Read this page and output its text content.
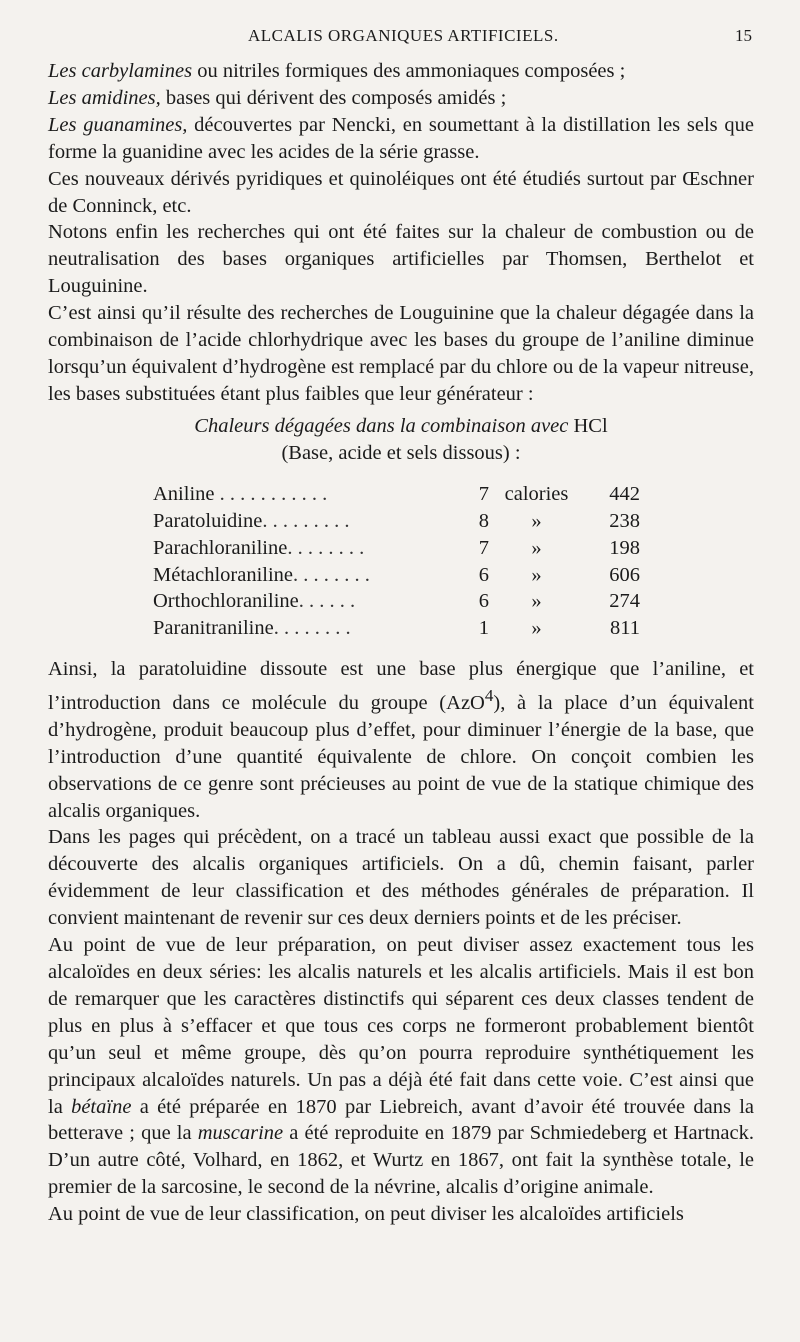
ALCALIS ORGANIQUES ARTIFICIELS.	15

Les carbylamines ou nitriles formiques des ammoniaques composées ;

Les amidines, bases qui dérivent des composés amidés ;

Les guanamines, découvertes par Nencki, en soumettant à la distillation les sels que forme la guanidine avec les acides de la série grasse.

Ces nouveaux dérivés pyridiques et quinoléiques ont été étudiés surtout par Œschner de Conninck, etc.

Notons enfin les recherches qui ont été faites sur la chaleur de combustion ou de neutralisation des bases organiques artificielles par Thomsen, Berthelot et Louguinine.

C’est ainsi qu’il résulte des recherches de Louguinine que la chaleur dégagée dans la combinaison de l’acide chlorhydrique avec les bases du groupe de l’aniline diminue lorsqu’un équivalent d’hydrogène est remplacé par du chlore ou de la vapeur nitreuse, les bases substituées étant plus faibles que leur générateur :

Chaleurs dégagées dans la combinaison avec HCl
(Base, acide et sels dissous) :
Aniline . . . . . . . . . . .	7	calories	442
Paratoluidine. . . . . . . . .	8	»	238
Parachloraniline. . . . . . . .	7	»	198
Métachloraniline. . . . . . . .	6	»	606
Orthochloraniline. . . . . .	6	»	274
Paranitraniline. . . . . . . .	1	»	811

Ainsi, la paratoluidine dissoute est une base plus énergique que l’aniline, et l’introduction dans ce molécule du groupe (AzO$^4$), à la place d’un équivalent d’hydrogène, produit beaucoup plus d’effet, pour diminuer l’énergie de la base, que l’introduction d’une quantité équivalente de chlore. On conçoit combien les observations de ce genre sont précieuses au point de vue de la statique chimique des alcalis organiques.

Dans les pages qui précèdent, on a tracé un tableau aussi exact que possible de la découverte des alcalis organiques artificiels. On a dû, chemin faisant, parler évidemment de leur classification et des méthodes générales de préparation. Il convient maintenant de revenir sur ces deux derniers points et de les préciser.

Au point de vue de leur préparation, on peut diviser assez exactement tous les alcaloïdes en deux séries: les alcalis naturels et les alcalis artificiels. Mais il est bon de remarquer que les caractères distinctifs qui séparent ces deux classes tendent de plus en plus à s’effacer et que tous ces corps ne formeront probablement bientôt qu’un seul et même groupe, dès qu’on pourra reproduire synthétiquement les principaux alcaloïdes naturels. Un pas a déjà été fait dans cette voie. C’est ainsi que la bétaïne a été préparée en 1870 par Liebreich, avant d’avoir été trouvée dans la betterave ; que la muscarine a été reproduite en 1879 par Schmiedeberg et Hartnack. D’un autre côté, Volhard, en 1862, et Wurtz en 1867, ont fait la synthèse totale, le premier de la sarcosine, le second de la névrine, alcalis d’origine animale.

Au point de vue de leur classification, on peut diviser les alcaloïdes artificiels
